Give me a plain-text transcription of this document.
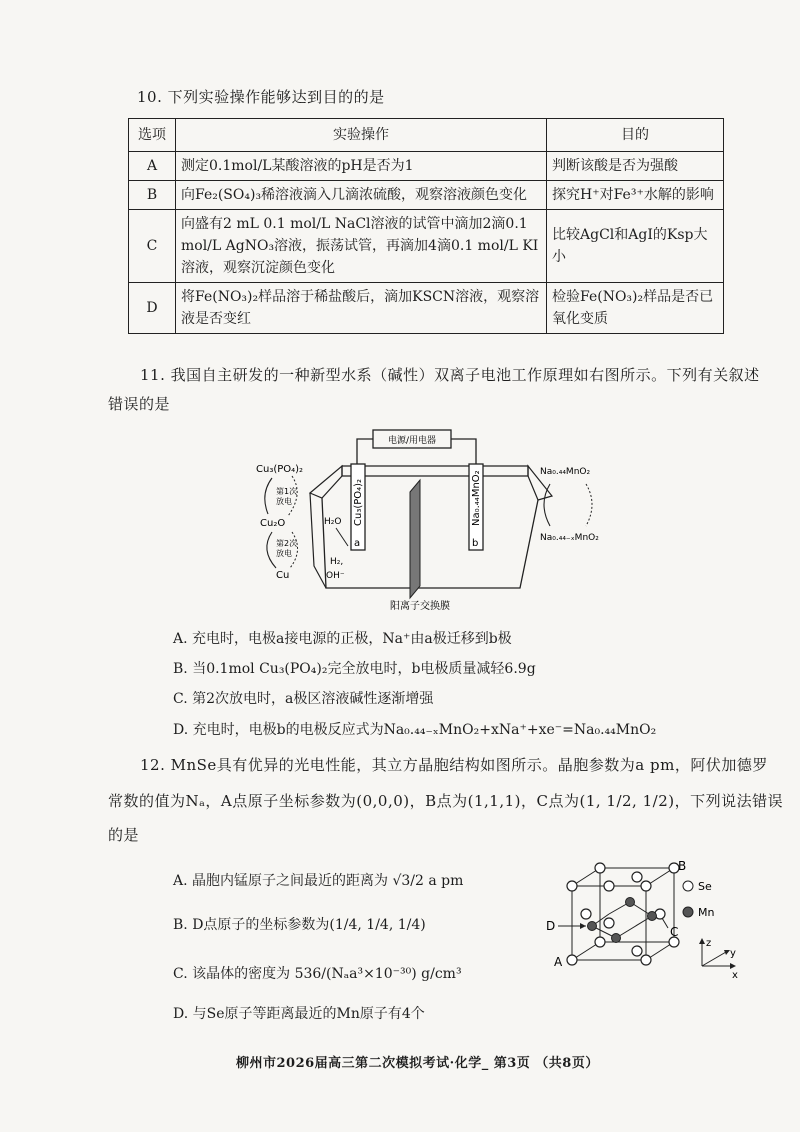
10. 下列实验操作能够达到目的的是
选项	实验操作	目的
A	测定0.1mol/L某酸溶液的pH是否为1	判断该酸是否为强酸
B	向Fe₂(SO₄)₃稀溶液滴入几滴浓硫酸，观察溶液颜色变化	探究H⁺对Fe³⁺水解的影响
C	向盛有2 mL 0.1 mol/L NaCl溶液的试管中滴加2滴0.1 mol/L AgNO₃溶液，振荡试管，再滴加4滴0.1 mol/L KI溶液，观察沉淀颜色变化	比较AgCl和AgI的Ksp大小
D	将Fe(NO₃)₂样品溶于稀盐酸后，滴加KSCN溶液，观察溶液是否变红	检验Fe(NO₃)₂样品是否已氧化变质
11. 我国自主研发的一种新型水系（碱性）双离子电池工作原理如右图所示。下列有关叙述
错误的是
电源/用电器
Cu₃(PO₄)₂
a
Na₀.₄₄MnO₂
b
H₂O
H₂,
OH⁻
阳离子交换膜
Cu₃(PO₄)₂
第1次
放电
Cu₂O
第2次
放电
Cu
Na₀.₄₄MnO₂
Na₀.₄₄₋ₓMnO₂
A. 充电时，电极a接电源的正极，Na⁺由a极迁移到b极
B. 当0.1mol Cu₃(PO₄)₂完全放电时，b电极质量减轻6.9g
C. 第2次放电时，a极区溶液碱性逐渐增强
D. 充电时，电极b的电极反应式为Na₀.₄₄₋ₓMnO₂+xNa⁺+xe⁻=Na₀.₄₄MnO₂
12. MnSe具有优异的光电性能，其立方晶胞结构如图所示。晶胞参数为a pm，阿伏加德罗
常数的值为Nₐ，A点原子坐标参数为(0,0,0)，B点为(1,1,1)，C点为(1, 1/2, 1/2)，下列说法错误
的是
A. 晶胞内锰原子之间最近的距离为 √3/2 a pm
B. D点原子的坐标参数为(1/4, 1/4, 1/4)
C. 该晶体的密度为 536/(Nₐa³×10⁻³⁰) g/cm³
D. 与Se原子等距离最近的Mn原子有4个
B
C
D
A
Se
Mn
z
y
x
柳州市2026届高三第二次模拟考试·化学_ 第3页 （共8页）
